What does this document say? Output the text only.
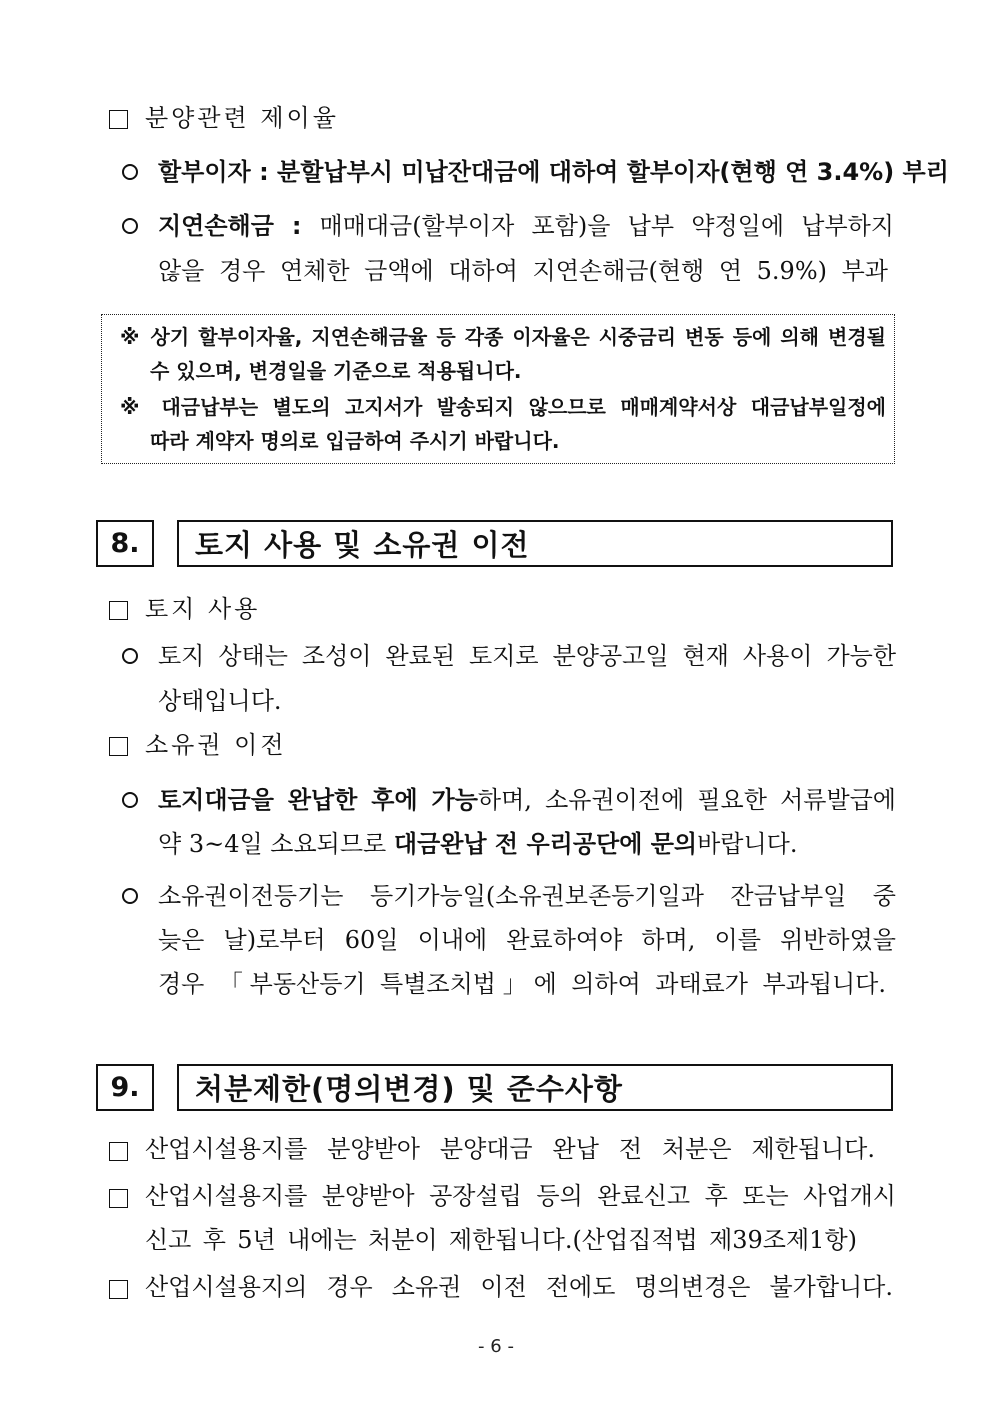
분양관련 제이율
할부이자 : 분할납부시 미납잔대금에 대하여 할부이자(현행 연 3.4%) 부리
지연손해금 : 매매대금(할부이자 포함)을 납부 약정일에 납부하지
않을 경우 연체한 금액에 대하여 지연손해금(현행 연 5.9%) 부과
※ 상기 할부이자율, 지연손해금율 등 각종 이자율은 시중금리 변동 등에 의해 변경될
수 있으며, 변경일을 기준으로 적용됩니다.
※ 대금납부는 별도의 고지서가 발송되지 않으므로 매매계약서상 대금납부일정에
따라 계약자 명의로 입금하여 주시기 바랍니다.
8.	토지 사용 및 소유권 이전
토지 사용
토지 상태는 조성이 완료된 토지로 분양공고일 현재 사용이 가능한
상태입니다.
소유권 이전
토지대금을 완납한 후에 가능하며, 소유권이전에 필요한 서류발급에
약 3~4일 소요되므로 대금완납 전 우리공단에 문의바랍니다.
소유권이전등기는 등기가능일(소유권보존등기일과 잔금납부일 중
늦은 날)로부터 60일 이내에 완료하여야 하며, 이를 위반하였을
경우 「부동산등기 특별조치법」에 의하여 과태료가 부과됩니다.
9.	처분제한(명의변경) 및 준수사항
산업시설용지를 분양받아 분양대금 완납 전 처분은 제한됩니다.
산업시설용지를 분양받아 공장설립 등의 완료신고 후 또는 사업개시
신고 후 5년 내에는 처분이 제한됩니다.(산업집적법 제39조제1항)
산업시설용지의 경우 소유권 이전 전에도 명의변경은 불가합니다.
- 6 -
